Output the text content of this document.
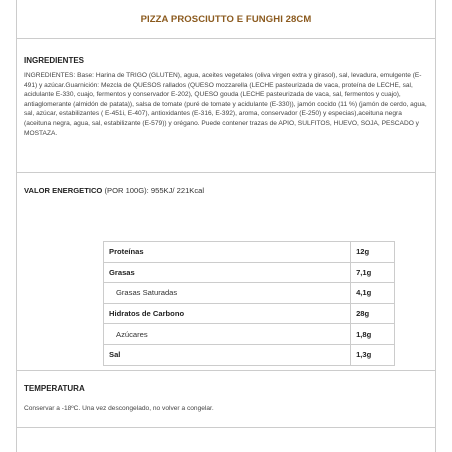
PIZZA PROSCIUTTO E FUNGHI 28CM
INGREDIENTES
INGREDIENTES: Base: Harina de TRIGO (GLUTEN), agua, aceites vegetales (oliva virgen extra y girasol), sal, levadura, emulgente (E-491) y azúcar.Guarnición: Mezcla de QUESOS rallados (QUESO mozzarella (LECHE pasteurizada de vaca, proteína de LECHE, sal, acidulante E-330, cuajo, fermentos y conservador E-202), QUESO gouda (LECHE pasteurizada de vaca, sal, fermentos y cuajo), antiaglomerante (almidón de patata)), salsa de tomate (puré de tomate y acidulante (E-330)), jamón cocido (11 %) (jamón de cerdo, agua, sal, azúcar, estabilizantes ( E-451i, E-407), antioxidantes (E-316, E-392), aroma, conservador (E-250) y especias),aceituna negra (aceituna negra, agua, sal, estabilizante (E-579)) y orégano. Puede contener trazas de APIO, SULFITOS, HUEVO, SOJA, PESCADO y MOSTAZA.
VALOR ENERGETICO (POR 100G): 955KJ/ 221Kcal
Proteínas	12g
Grasas	7,1g
Grasas Saturadas	4,1g
Hidratos de Carbono	28g
Azúcares	1,8g
Sal	1,3g
TEMPERATURA
Conservar a -18ºC. Una vez descongelado, no volver a congelar.
